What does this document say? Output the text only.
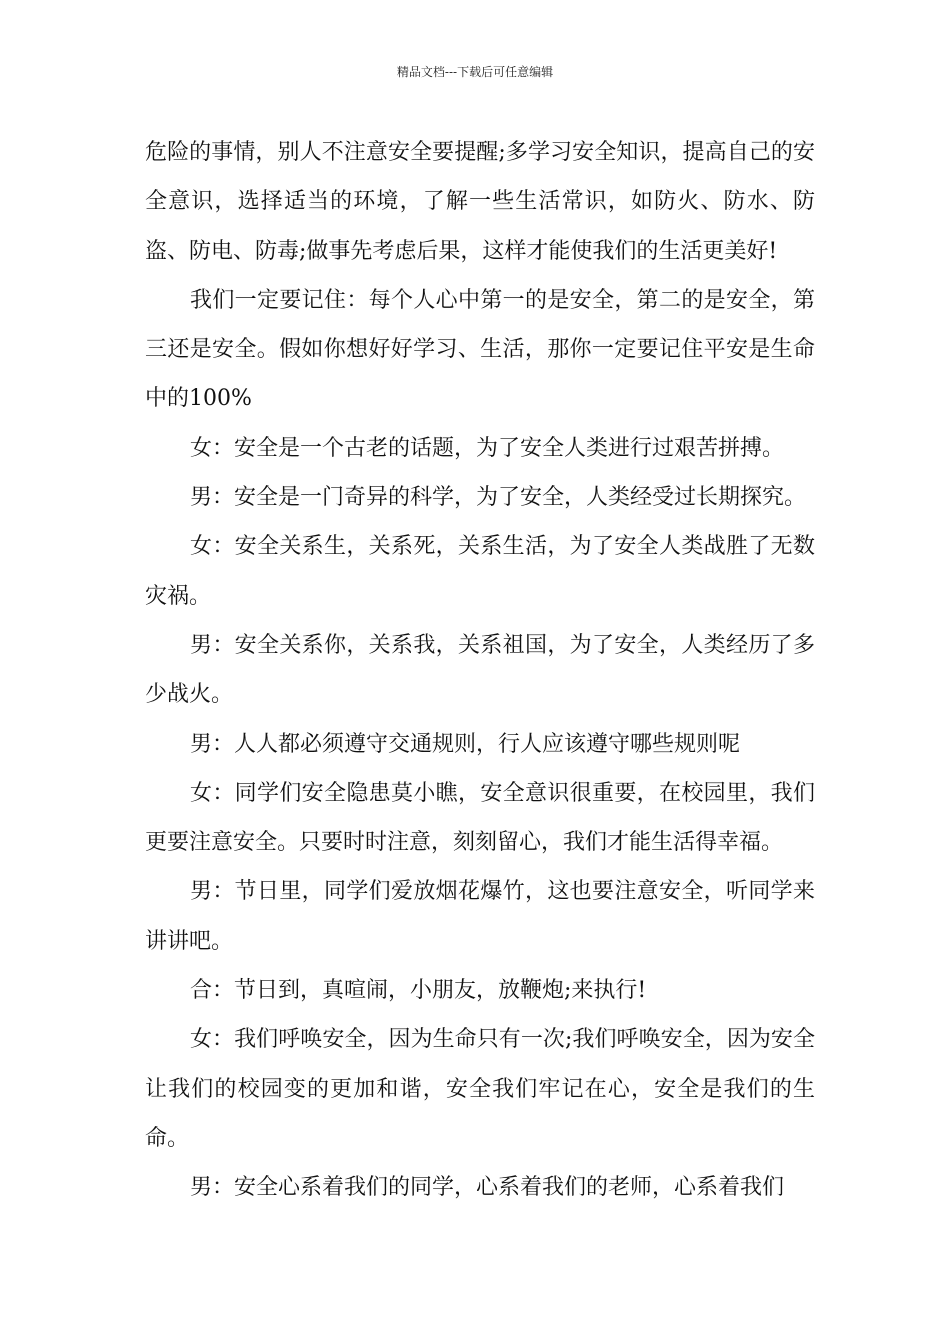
精品文档---下载后可任意编辑

危险的事情，别人不注意安全要提醒;多学习安全知识，提高自己的安全意识，选择适当的环境，了解一些生活常识，如防火、防水、防盗、防电、防毒;做事先考虑后果，这样才能使我们的生活更美好!

我们一定要记住：每个人心中第一的是安全，第二的是安全，第三还是安全。假如你想好好学习、生活，那你一定要记住平安是生命中的100%

女：安全是一个古老的话题，为了安全人类进行过艰苦拼搏。

男：安全是一门奇异的科学，为了安全，人类经受过长期探究。

女：安全关系生，关系死，关系生活，为了安全人类战胜了无数灾祸。

男：安全关系你，关系我，关系祖国，为了安全，人类经历了多少战火。

男：人人都必须遵守交通规则，行人应该遵守哪些规则呢

女：同学们安全隐患莫小瞧，安全意识很重要，在校园里，我们更要注意安全。只要时时注意，刻刻留心，我们才能生活得幸福。

男：节日里，同学们爱放烟花爆竹，这也要注意安全，听同学来讲讲吧。

合：节日到，真喧闹，小朋友，放鞭炮;来执行!

女：我们呼唤安全，因为生命只有一次;我们呼唤安全，因为安全让我们的校园变的更加和谐，安全我们牢记在心，安全是我们的生命。

男：安全心系着我们的同学，心系着我们的老师，心系着我们
